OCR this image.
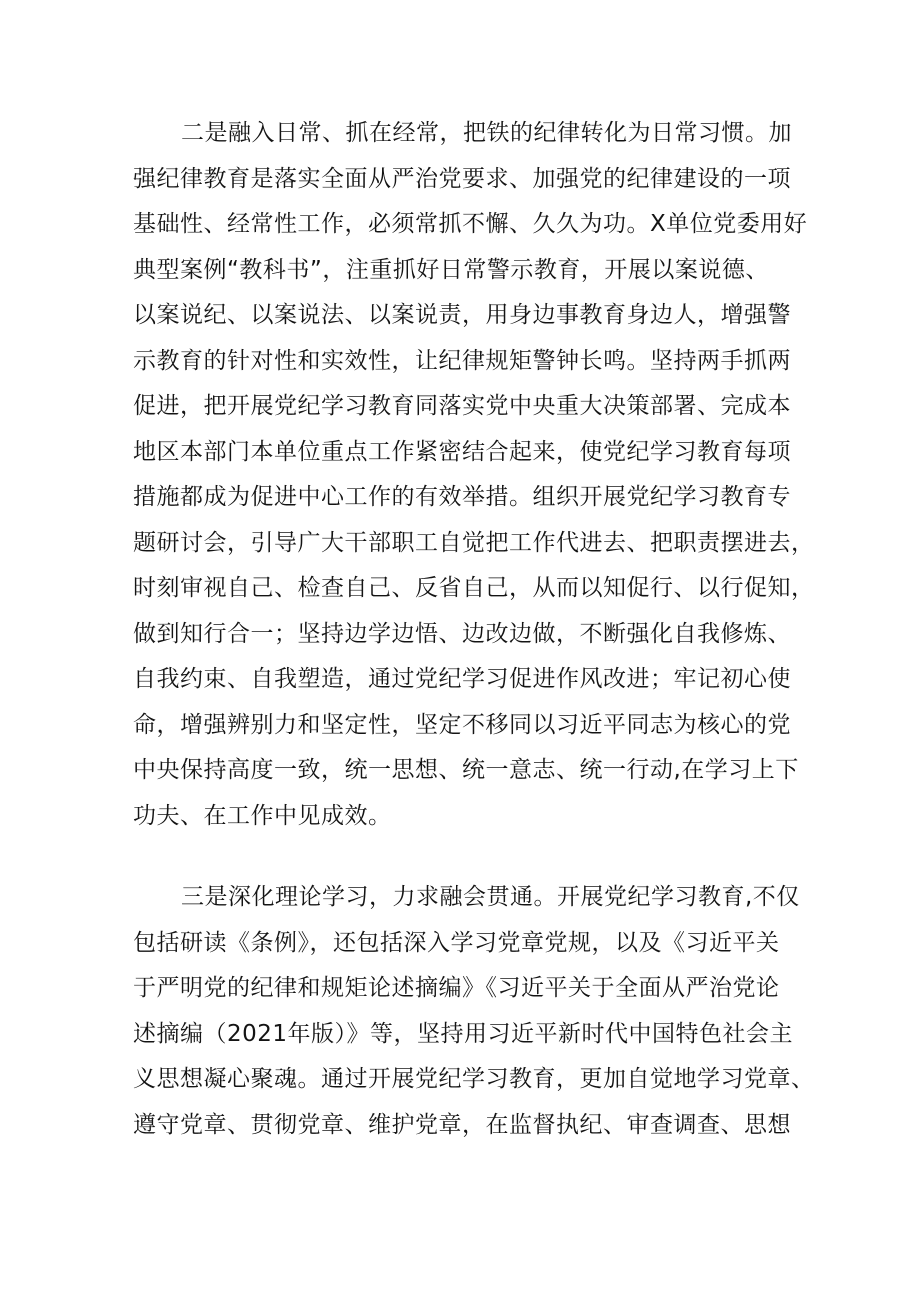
二是融入日常、抓在经常，把铁的纪律转化为日常习惯。加
强纪律教育是落实全面从严治党要求、加强党的纪律建设的一项
基础性、经常性工作，必须常抓不懈、久久为功。X单位党委用好
典型案例“教科书”，注重抓好日常警示教育，开展以案说德、
以案说纪、以案说法、以案说责，用身边事教育身边人，增强警
示教育的针对性和实效性，让纪律规矩警钟长鸣。坚持两手抓两
促进，把开展党纪学习教育同落实党中央重大决策部署、完成本
地区本部门本单位重点工作紧密结合起来，使党纪学习教育每项
措施都成为促进中心工作的有效举措。组织开展党纪学习教育专
题研讨会，引导广大干部职工自觉把工作代进去、把职责摆进去，
时刻审视自己、检查自己、反省自己，从而以知促行、以行促知，
做到知行合一；坚持边学边悟、边改边做，不断强化自我修炼、
自我约束、自我塑造，通过党纪学习促进作风改进；牢记初心使
命，增强辨别力和坚定性，坚定不移同以习近平同志为核心的党
中央保持高度一致，统一思想、统一意志、统一行动,在学习上下
功夫、在工作中见成效。
三是深化理论学习，力求融会贯通。开展党纪学习教育,不仅
包括研读《条例》，还包括深入学习党章党规，以及《习近平关
于严明党的纪律和规矩论述摘编》《习近平关于全面从严治党论
述摘编（2021年版）》等，坚持用习近平新时代中国特色社会主
义思想凝心聚魂。通过开展党纪学习教育，更加自觉地学习党章、
遵守党章、贯彻党章、维护党章，在监督执纪、审查调查、思想
